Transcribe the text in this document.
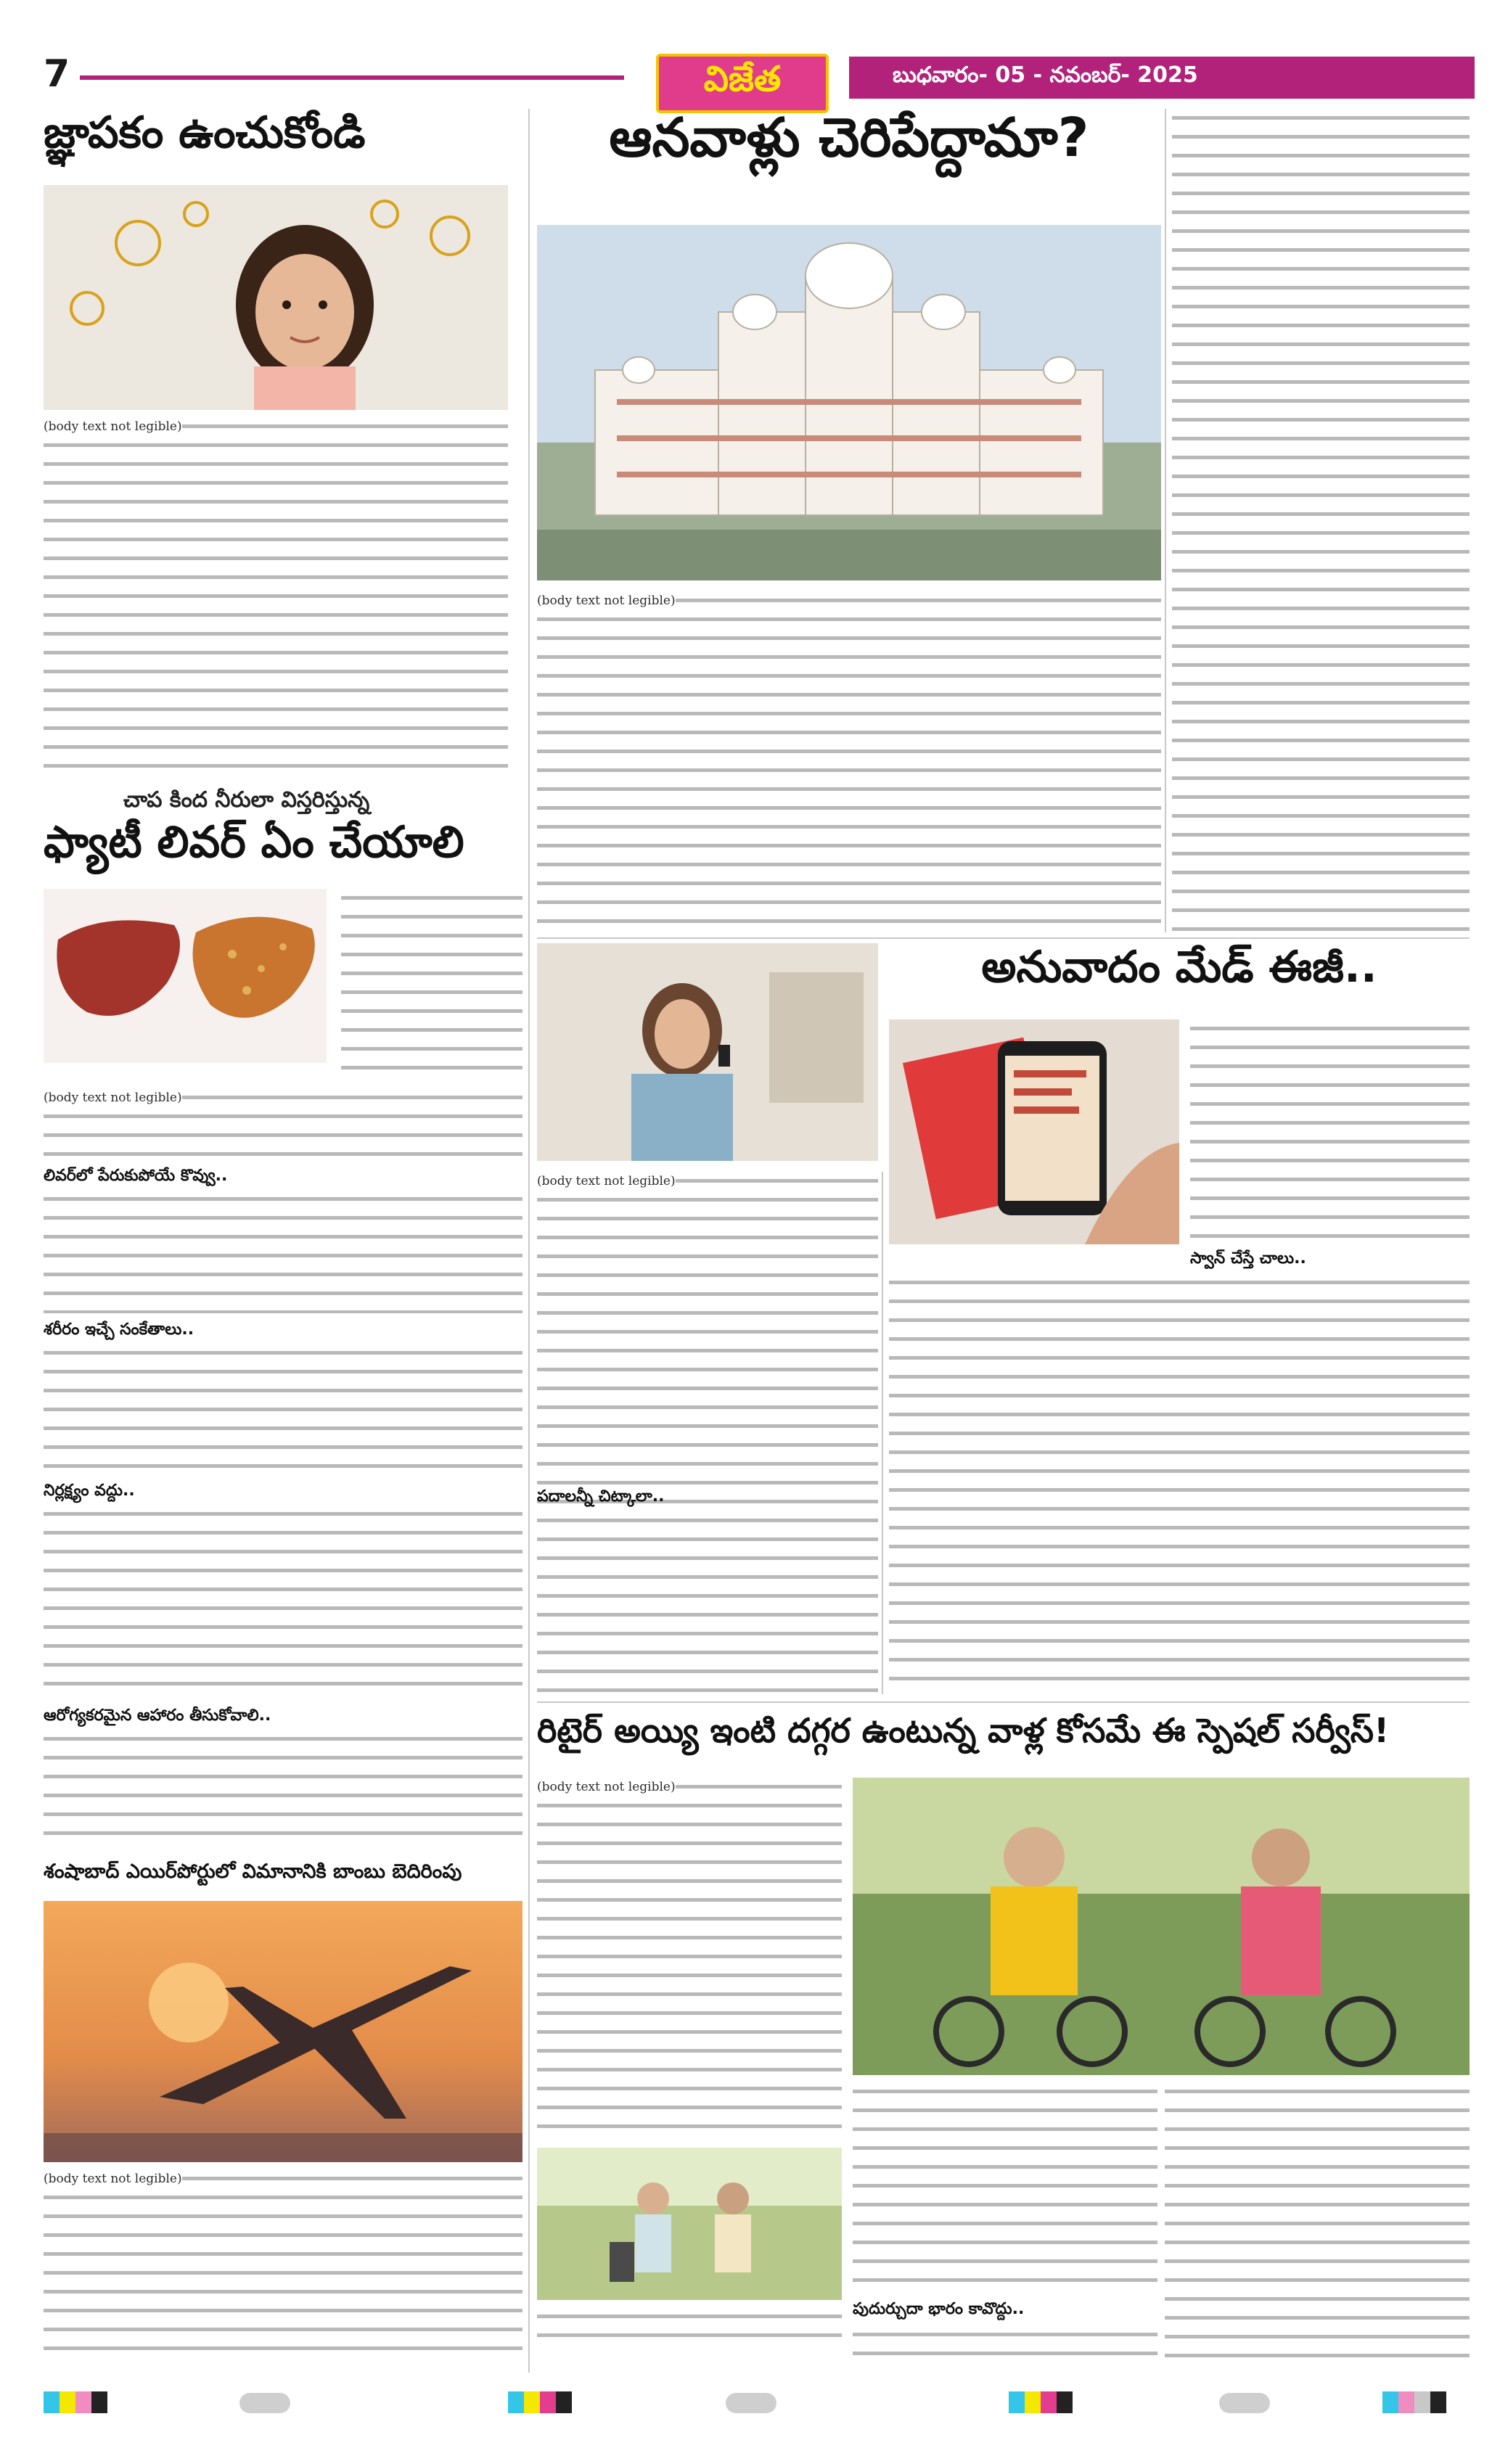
7	విజేత	బుధవారం- 05 - నవంబర్- 2025
జ్ఞాపకం ఉంచుకోండి
(body text not legible)
చాప కింద నీరులా విస్తరిస్తున్న
ఫ్యాటీ లివర్ ఏం చేయాలి
(body text not legible)
లివర్‌లో పేరుకుపోయే కొవ్వు..
శరీరం ఇచ్చే సంకేతాలు..
నిర్లక్ష్యం వద్దు..
ఆరోగ్యకరమైన ఆహారం తీసుకోవాలి..
శంషాబాద్ ఎయిర్‌పోర్టులో విమానానికి బాంబు బెదిరింపు
(body text not legible)
ఆనవాళ్లు చెరిపేద్దామా?
(body text not legible)
అనువాదం మేడ్ ఈజీ..
(body text not legible)
పదాలన్నీ చిట్కాలా..
స్వాన్ చేస్తే చాలు..
రిటైర్ అయ్యి ఇంటి దగ్గర ఉంటున్న వాళ్ల కోసమే ఈ స్పెషల్ సర్వీస్!
(body text not legible)
పుదుర్చుదా భారం కావొద్దు..
